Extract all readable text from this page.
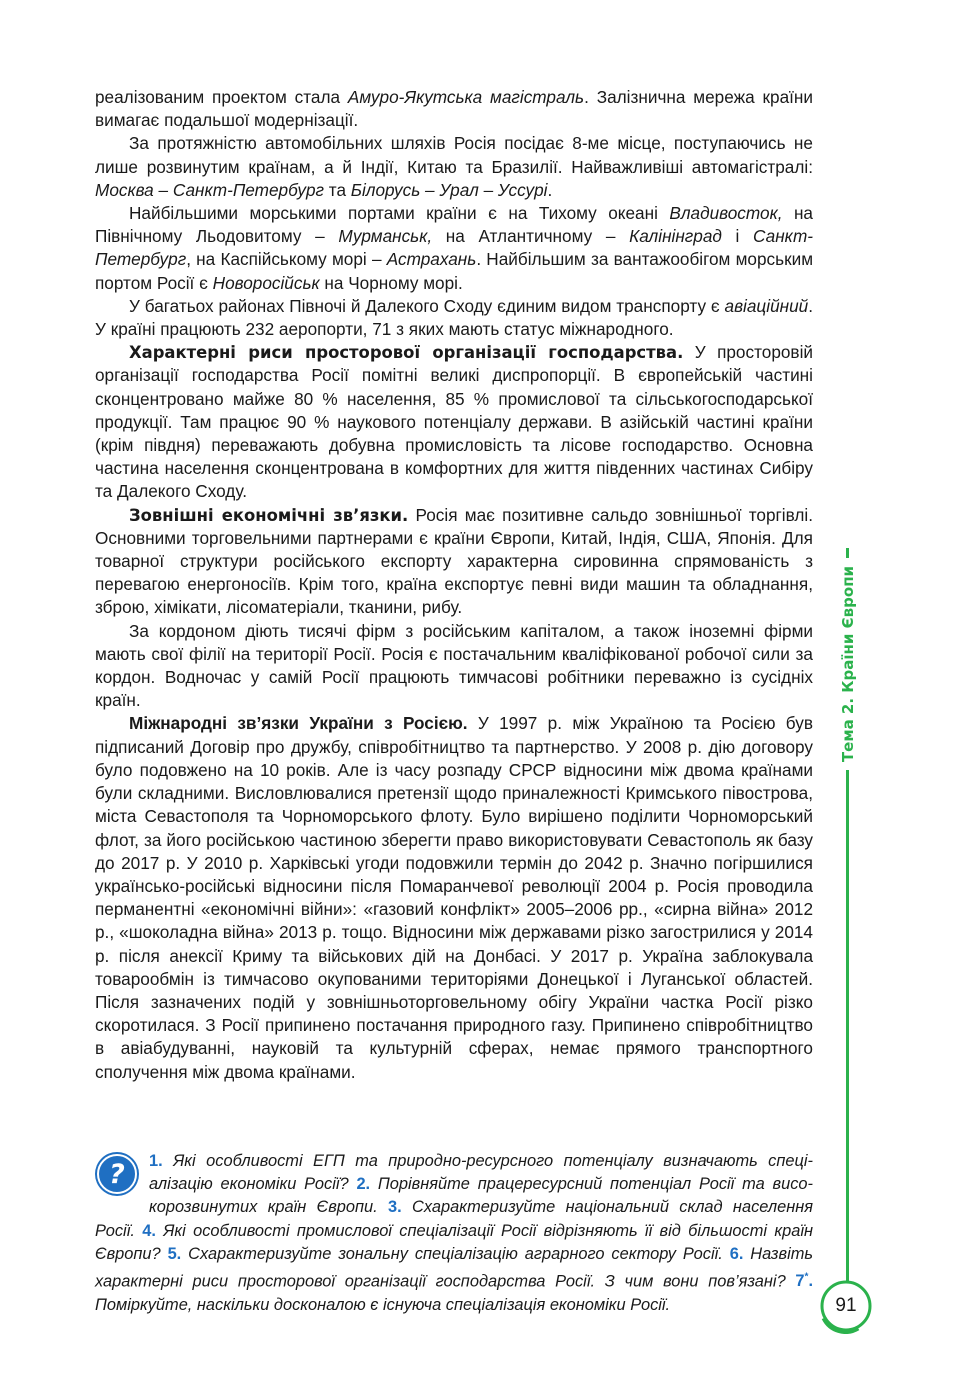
реалізованим проектом стала Амуро-Якутська магістраль. Залізнична мережа країни вимагає подальшої модернізації.

За протяжністю автомобільних шляхів Росія посідає 8-ме місце, поступаючись не лише розвинутим країнам, а й Індії, Китаю та Бразилії. Найважливіші автомагістралі: Москва – Санкт-Петербург та Білорусь – Урал – Уссурі.

Найбільшими морськими портами країни є на Тихому океані Владивосток, на Північному Льодовитому – Мурманськ, на Атлантичному – Калінінград і Санкт-Петербург, на Каспійському морі – Астрахань. Найбільшим за вантажообігом морським портом Росії є Новоросійськ на Чорному морі.

У багатьох районах Півночі й Далекого Сходу єдиним видом транспорту є авіаційний. У країні працюють 232 аеропорти, 71 з яких мають статус міжнародного.

Характерні риси просторової організації господарства. У просторовій організації господарства Росії помітні великі диспропорції. В європейській частині сконцентровано майже 80 % населення, 85 % промислової та сільськогосподарської продукції. Там працює 90 % наукового потенціалу держави. В азійській частині країни (крім півдня) переважають добувна промисловість та лісове господарство. Основна частина населення сконцентрована в комфортних для життя південних частинах Сибіру та Далекого Сходу.

Зовнішні економічні зв’язки. Росія має позитивне сальдо зовнішньої торгівлі. Основними торговельними партнерами є країни Європи, Китай, Індія, США, Японія. Для товарної структури російського експорту характерна сировинна спрямованість з перевагою енергоносіїв. Крім того, країна експортує певні види машин та обладнання, зброю, хімікати, лісоматеріали, тканини, рибу.

За кордоном діють тисячі фірм з російським капіталом, а також іноземні фірми мають свої філії на території Росії. Росія є постачальним кваліфікованої робочої сили за кордон. Водночас у самій Росії працюють тимчасові робітники переважно із сусідніх країн.

Міжнародні зв’язки України з Росією. У 1997 р. між Україною та Росією був підписаний Договір про дружбу, співробітництво та партнерство. У 2008 р. дію договору було подовжено на 10 років. Але із часу розпаду СРСР відносини між двома країнами були складними. Висловлювалися претензії щодо приналежності Кримського півострова, міста Севастополя та Чорноморського флоту. Було вирішено поділити Чорноморський флот, за його російською частиною зберегти право використовувати Севастополь як базу до 2017 р. У 2010 р. Харківські угоди подовжили термін до 2042 р. Значно погіршилися українсько-російські відносини після Помаранчевої революції 2004 р. Росія проводила перманентні «економічні війни»: «газовий конфлікт» 2005–2006 рр., «сирна війна» 2012 р., «шоколадна війна» 2013 р. тощо. Відносини між державами різко загострилися у 2014 р. після анексії Криму та військових дій на Донбасі. У 2017 р. Україна заблокувала товарообмін із тимчасово окупованими територіями Донецької і Луганської областей. Після зазначених подій у зовнішньоторговельному обігу України частка Росії різко скоротилася. З Росії припинено постачання природного газу. Припинено співробітництво в авіабудуванні, науковій та культурній сферах, немає прямого транспортного сполучення між двома країнами.

?	1. Які особливості ЕГП та природно-ресурсного потенціалу визначають спеціалізацію економіки Росії? 2. Порівняйте працересурсний потенціал Росії та високорозвинутих країн Європи. 3. Схарактеризуйте національний склад населення Росії. 4. Які особливості промислової спеціалізації Росії відрізняють її від більшості країн Європи? 5. Схарактеризуйте зональну спеціалізацію аграрного сектору Росії. 6. Назвіть характерні риси просторової організації господарства Росії. З чим вони пов’язані? 7*. Поміркуйте, наскільки досконалою є існуюча спеціалізація економіки Росії.

Тема 2. Країни Європи
91
